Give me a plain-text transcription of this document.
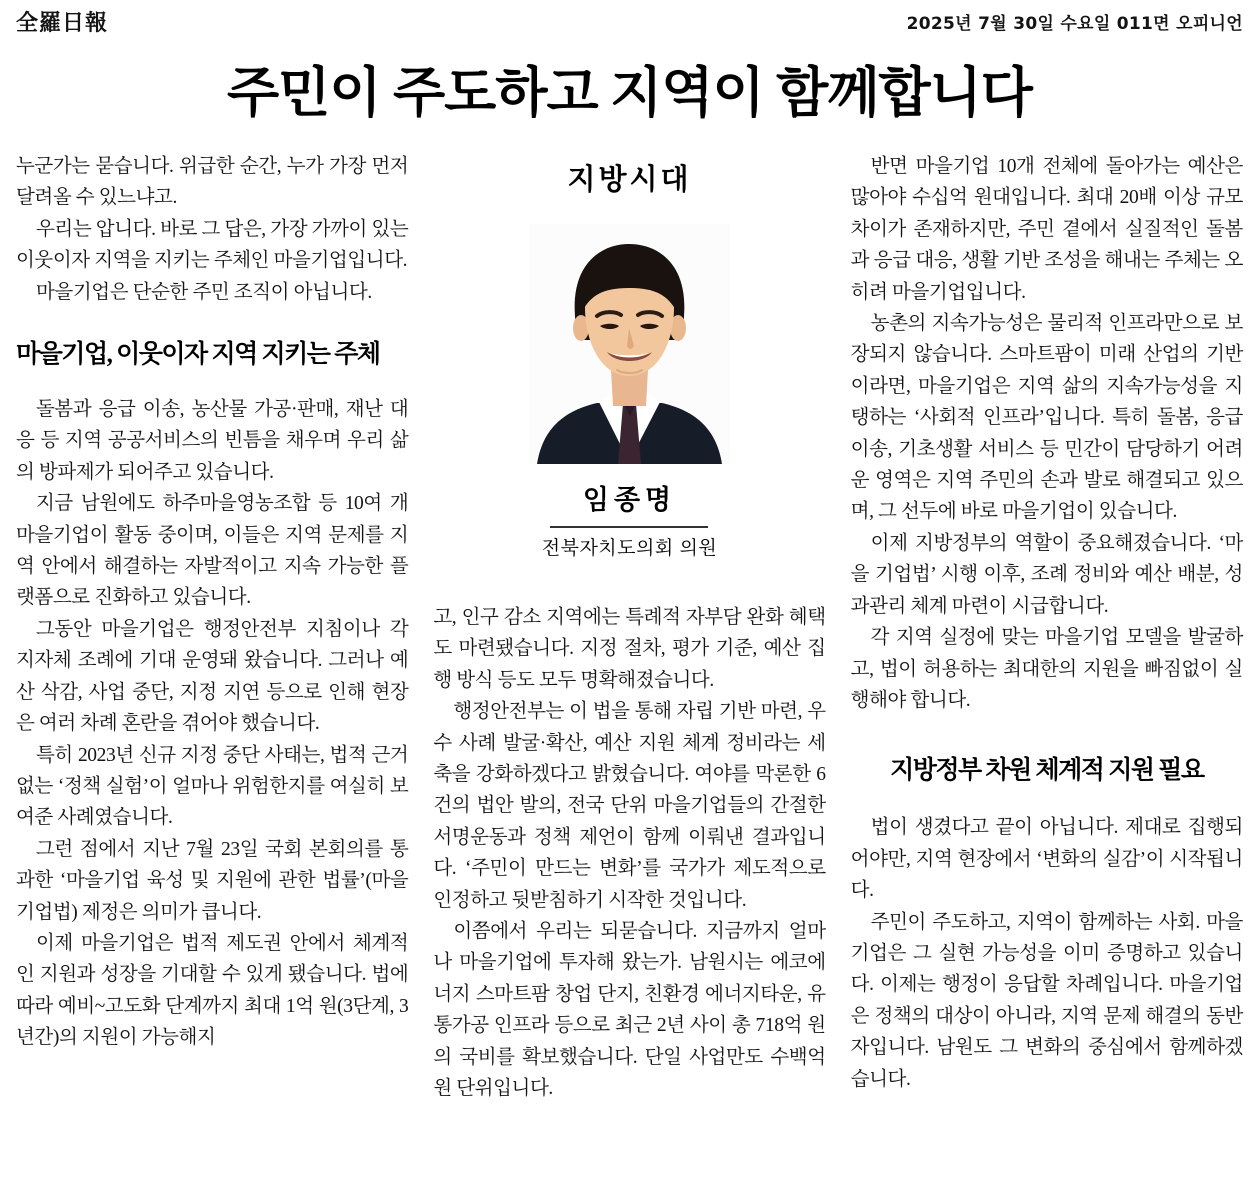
全羅日報	2025년 7월 30일 수요일 011면 오피니언
주민이 주도하고 지역이 함께합니다

누군가는 묻습니다. 위급한 순간, 누가 가장 먼저 달려올 수 있느냐고.

우리는 압니다. 바로 그 답은, 가장 가까이 있는 이웃이자 지역을 지키는 주체인 마을기업입니다.

마을기업은 단순한 주민 조직이 아닙니다.

마을기업, 이웃이자 지역 지키는 주체

돌봄과 응급 이송, 농산물 가공·판매, 재난 대응 등 지역 공공서비스의 빈틈을 채우며 우리 삶의 방파제가 되어주고 있습니다.

지금 남원에도 하주마을영농조합 등 10여 개 마을기업이 활동 중이며, 이들은 지역 문제를 지역 안에서 해결하는 자발적이고 지속 가능한 플랫폼으로 진화하고 있습니다.

그동안 마을기업은 행정안전부 지침이나 각 지자체 조례에 기대 운영돼 왔습니다. 그러나 예산 삭감, 사업 중단, 지정 지연 등으로 인해 현장은 여러 차례 혼란을 겪어야 했습니다.

특히 2023년 신규 지정 중단 사태는, 법적 근거 없는 ‘정책 실험’이 얼마나 위험한지를 여실히 보여준 사례였습니다.

그런 점에서 지난 7월 23일 국회 본회의를 통과한 ‘마을기업 육성 및 지원에 관한 법률’(마을 기업법) 제정은 의미가 큽니다.

이제 마을기업은 법적 제도권 안에서 체계적인 지원과 성장을 기대할 수 있게 됐습니다. 법에 따라 예비~고도화 단계까지 최대 1억 원(3단계, 3년간)의 지원이 가능해지

지방시대
임종명
전북자치도의회 의원

고, 인구 감소 지역에는 특례적 자부담 완화 혜택도 마련됐습니다. 지정 절차, 평가 기준, 예산 집행 방식 등도 모두 명확해졌습니다.

행정안전부는 이 법을 통해 자립 기반 마련, 우수 사례 발굴·확산, 예산 지원 체계 정비라는 세 축을 강화하겠다고 밝혔습니다. 여야를 막론한 6건의 법안 발의, 전국 단위 마을기업들의 간절한 서명운동과 정책 제언이 함께 이뤄낸 결과입니다. ‘주민이 만드는 변화’를 국가가 제도적으로 인정하고 뒷받침하기 시작한 것입니다.

이쯤에서 우리는 되묻습니다. 지금까지 얼마나 마을기업에 투자해 왔는가. 남원시는 에코에너지 스마트팜 창업 단지, 친환경 에너지타운, 유통가공 인프라 등으로 최근 2년 사이 총 718억 원의 국비를 확보했습니다. 단일 사업만도 수백억 원 단위입니다.

반면 마을기업 10개 전체에 돌아가는 예산은 많아야 수십억 원대입니다. 최대 20배 이상 규모 차이가 존재하지만, 주민 곁에서 실질적인 돌봄과 응급 대응, 생활 기반 조성을 해내는 주체는 오히려 마을기업입니다.

농촌의 지속가능성은 물리적 인프라만으로 보장되지 않습니다. 스마트팜이 미래 산업의 기반이라면, 마을기업은 지역 삶의 지속가능성을 지탱하는 ‘사회적 인프라’입니다. 특히 돌봄, 응급 이송, 기초생활 서비스 등 민간이 담당하기 어려운 영역은 지역 주민의 손과 발로 해결되고 있으며, 그 선두에 바로 마을기업이 있습니다.

이제 지방정부의 역할이 중요해졌습니다. ‘마을 기업법’ 시행 이후, 조례 정비와 예산 배분, 성과관리 체계 마련이 시급합니다.

각 지역 실정에 맞는 마을기업 모델을 발굴하고, 법이 허용하는 최대한의 지원을 빠짐없이 실행해야 합니다.

지방정부 차원 체계적 지원 필요

법이 생겼다고 끝이 아닙니다. 제대로 집행되어야만, 지역 현장에서 ‘변화의 실감’이 시작됩니다.

주민이 주도하고, 지역이 함께하는 사회. 마을기업은 그 실현 가능성을 이미 증명하고 있습니다. 이제는 행정이 응답할 차례입니다. 마을기업은 정책의 대상이 아니라, 지역 문제 해결의 동반자입니다. 남원도 그 변화의 중심에서 함께하겠습니다.
